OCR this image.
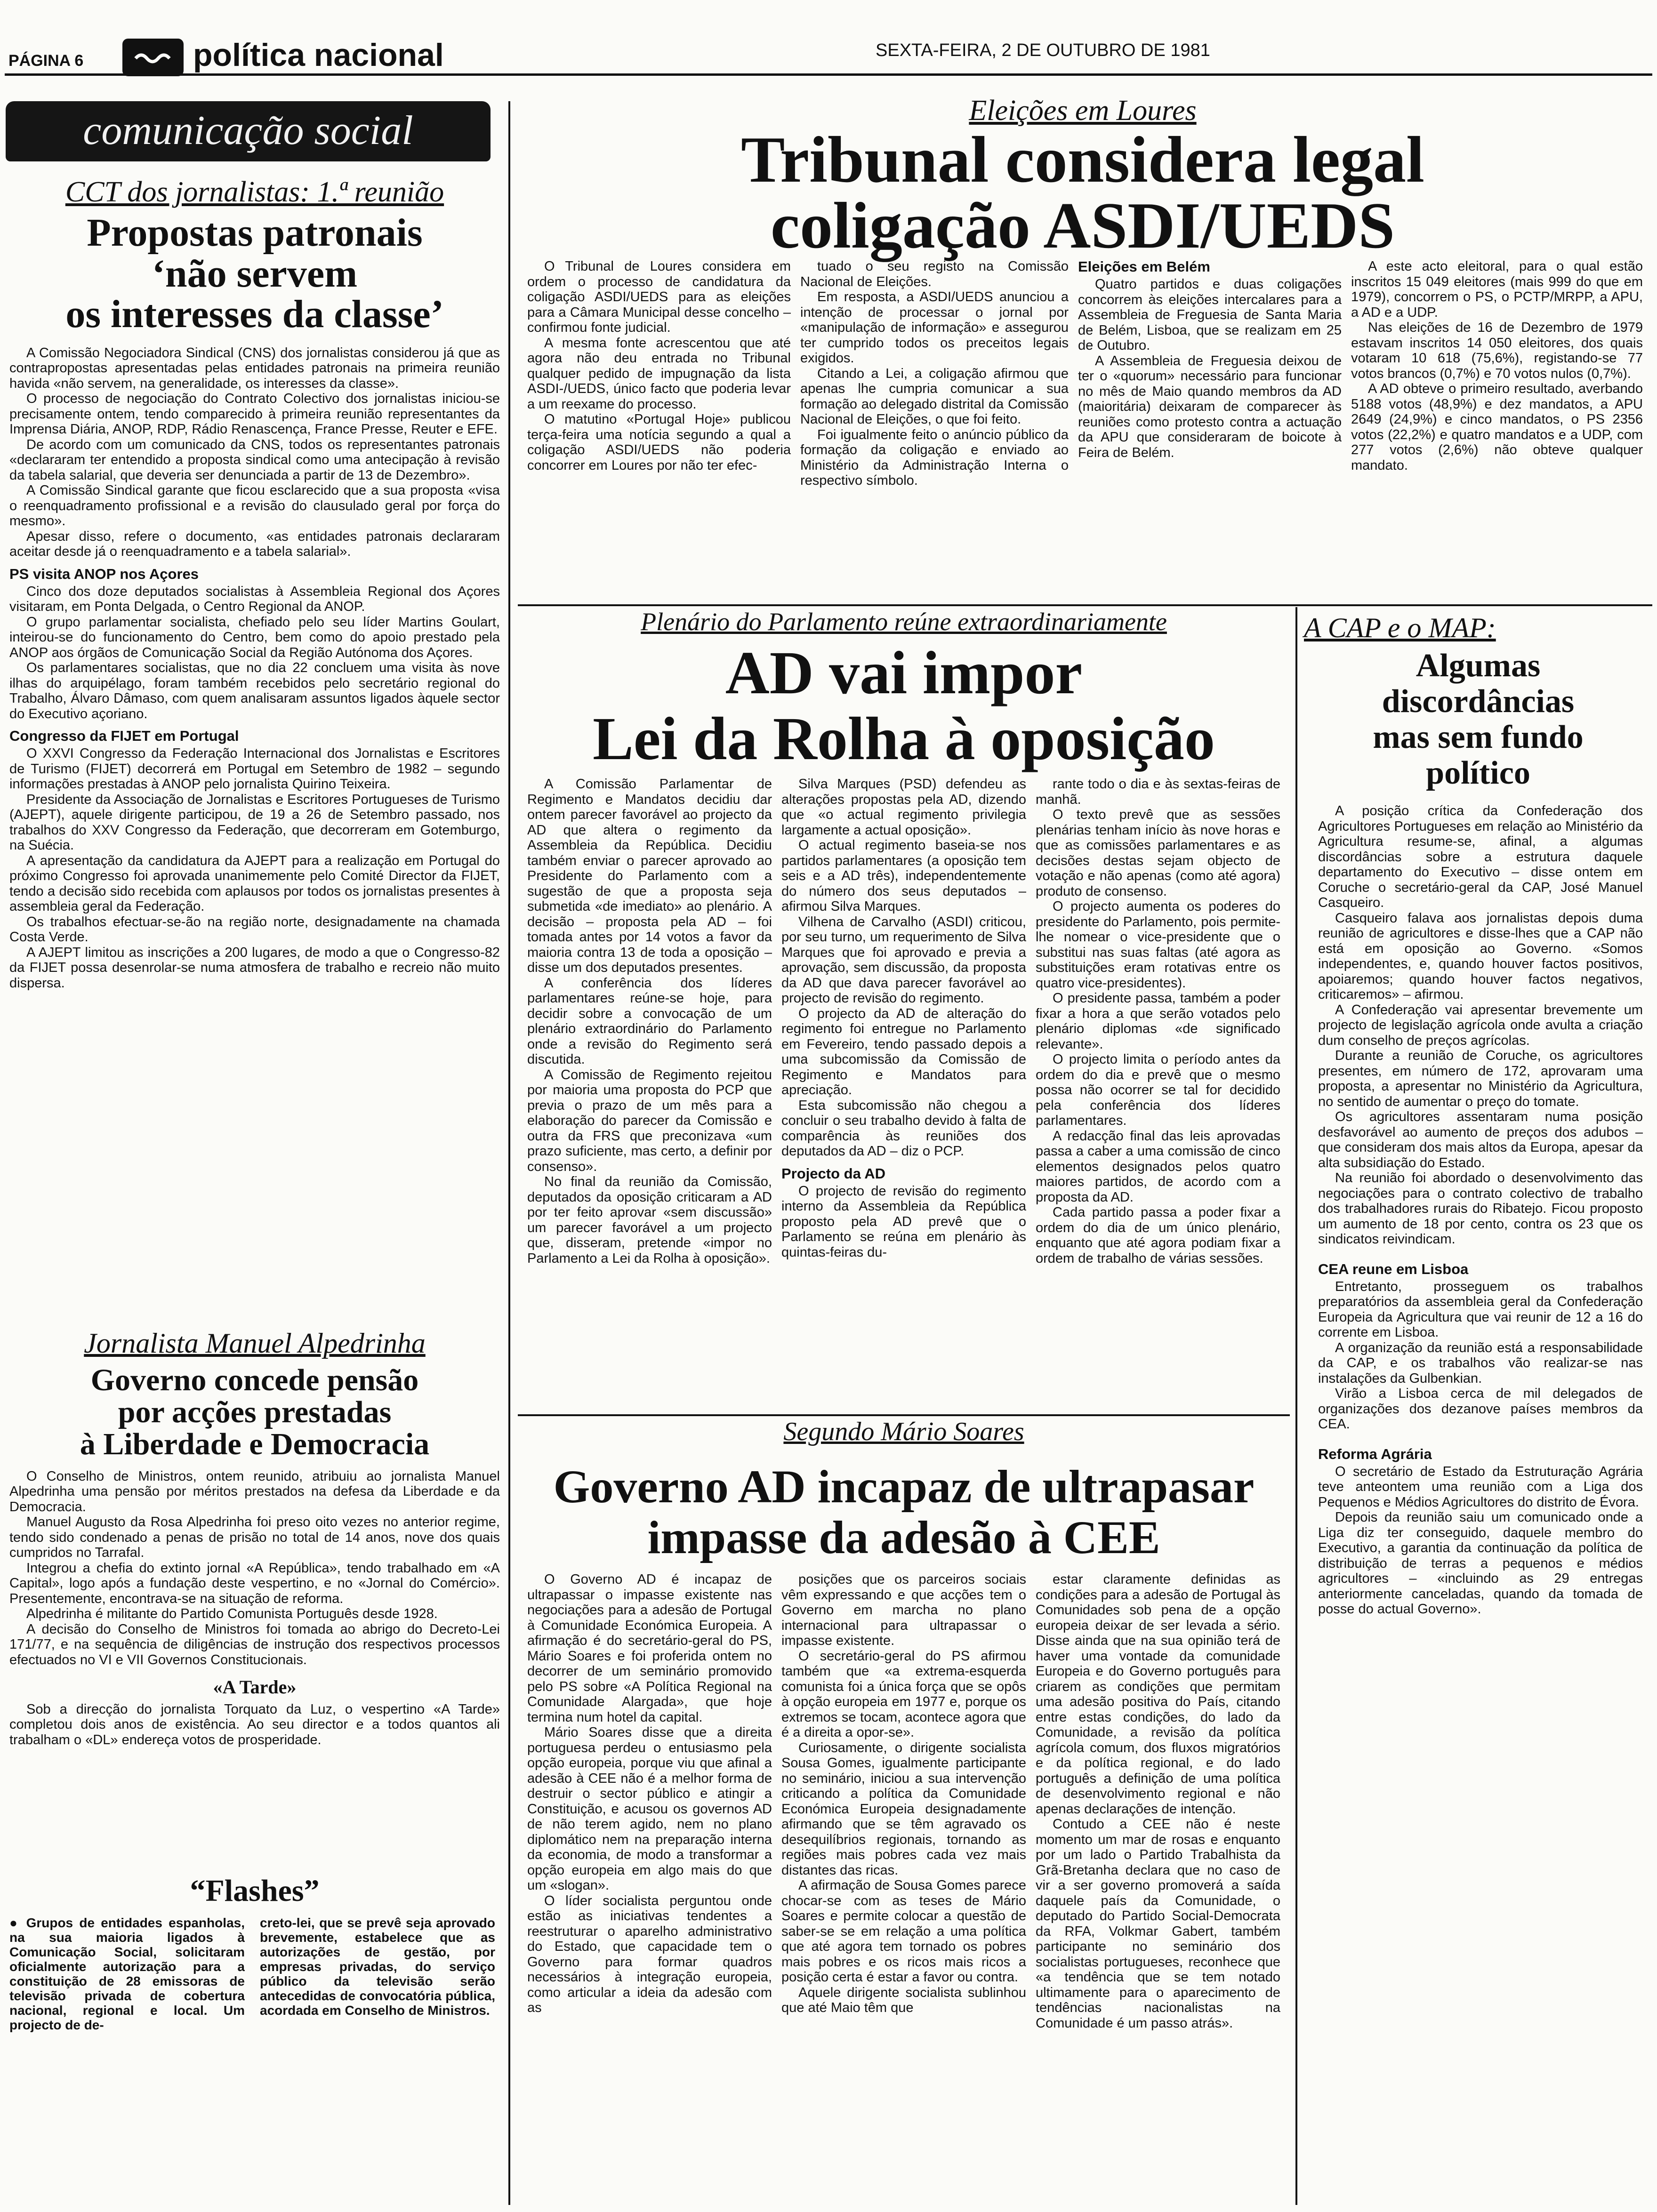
PÁGINA 6	política nacional	SEXTA-FEIRA, 2 DE OUTUBRO DE 1981
comunicação social
CCT dos jornalistas: 1.ª reunião
Propostas patronais
‘não servem
os interesses da classe’

A Comissão Negociadora Sindical (CNS) dos jornalistas considerou já que as contrapropostas apresentadas pelas entidades patronais na primeira reunião havida «não servem, na generalidade, os interesses da classe».

O processo de negociação do Contrato Colectivo dos jornalistas iniciou-se precisamente ontem, tendo comparecido à primeira reunião representantes da Imprensa Diária, ANOP, RDP, Rádio Renascença, France Presse, Reuter e EFE.

De acordo com um comunicado da CNS, todos os representantes patronais «declararam ter entendido a proposta sindical como uma antecipação à revisão da tabela salarial, que deveria ser denunciada a partir de 13 de Dezembro».

A Comissão Sindical garante que ficou esclarecido que a sua proposta «visa o reenquadramento profissional e a revisão do clausulado geral por força do mesmo».

Apesar disso, refere o documento, «as entidades patronais declararam aceitar desde já o reenquadramento e a tabela salarial».

PS visita ANOP nos Açores

Cinco dos doze deputados socialistas à Assembleia Regional dos Açores visitaram, em Ponta Delgada, o Centro Regional da ANOP.

O grupo parlamentar socialista, chefiado pelo seu líder Martins Goulart, inteirou-se do funcionamento do Centro, bem como do apoio prestado pela ANOP aos órgãos de Comunicação Social da Região Autónoma dos Açores.

Os parlamentares socialistas, que no dia 22 concluem uma visita às nove ilhas do arquipélago, foram também recebidos pelo secretário regional do Trabalho, Álvaro Dâmaso, com quem analisaram assuntos ligados àquele sector do Executivo açoriano.

Congresso da FIJET em Portugal

O XXVI Congresso da Federação Internacional dos Jornalistas e Escritores de Turismo (FIJET) decorrerá em Portugal em Setembro de 1982 – segundo informações prestadas à ANOP pelo jornalista Quirino Teixeira.

Presidente da Associação de Jornalistas e Escritores Portugueses de Turismo (AJEPT), aquele dirigente participou, de 19 a 26 de Setembro passado, nos trabalhos do XXV Congresso da Federação, que decorreram em Gotemburgo, na Suécia.

A apresentação da candidatura da AJEPT para a realização em Portugal do próximo Congresso foi aprovada unanimemente pelo Comité Director da FIJET, tendo a decisão sido recebida com aplausos por todos os jornalistas presentes à assembleia geral da Federação.

Os trabalhos efectuar-se-ão na região norte, designadamente na chamada Costa Verde.

A AJEPT limitou as inscrições a 200 lugares, de modo a que o Congresso-82 da FIJET possa desenrolar-se numa atmosfera de trabalho e recreio não muito dispersa.

Jornalista Manuel Alpedrinha
Governo concede pensão
por acções prestadas
à Liberdade e Democracia

O Conselho de Ministros, ontem reunido, atribuiu ao jornalista Manuel Alpedrinha uma pensão por méritos prestados na defesa da Liberdade e da Democracia.

Manuel Augusto da Rosa Alpedrinha foi preso oito vezes no anterior regime, tendo sido condenado a penas de prisão no total de 14 anos, nove dos quais cumpridos no Tarrafal.

Integrou a chefia do extinto jornal «A República», tendo trabalhado em «A Capital», logo após a fundação deste vespertino, e no «Jornal do Comércio». Presentemente, encontrava-se na situação de reforma.

Alpedrinha é militante do Partido Comunista Português desde 1928.

A decisão do Conselho de Ministros foi tomada ao abrigo do Decreto-Lei 171/77, e na sequência de diligências de instrução dos respectivos processos efectuados no VI e VII Governos Constitucionais.

«A Tarde»

Sob a direcção do jornalista Torquato da Luz, o vespertino «A Tarde» completou dois anos de existência. Ao seu director e a todos quantos ali trabalham o «DL» endereça votos de prosperidade.

“Flashes”
● Grupos de entidades espanholas, na sua maioria ligados à Comunicação Social, solicitaram oficialmente autorização para a constituição de 28 emissoras de televisão privada de cobertura nacional, regional e local. Um projecto de de-
creto-lei, que se prevê seja aprovado brevemente, estabelece que as autorizações de gestão, por empresas privadas, do serviço público da televisão serão antecedidas de convocatória pública, acordada em Conselho de Ministros.
Eleições em Loures
Tribunal considera legal
coligação ASDI/UEDS

O Tribunal de Loures considera em ordem o processo de candidatura da coligação ASDI/UEDS para as eleições para a Câmara Municipal desse concelho – confirmou fonte judicial.

A mesma fonte acrescentou que até agora não deu entrada no Tribunal qualquer pedido de impugnação da lista ASDI-/UEDS, único facto que poderia levar a um reexame do processo.

O matutino «Portugal Hoje» publicou terça-feira uma notícia segundo a qual a coligação ASDI/UEDS não poderia concorrer em Loures por não ter efec-

tuado o seu registo na Comissão Nacional de Eleições.

Em resposta, a ASDI/UEDS anunciou a intenção de processar o jornal por «manipulação de informação» e assegurou ter cumprido todos os preceitos legais exigidos.

Citando a Lei, a coligação afirmou que apenas lhe cumpria comunicar a sua formação ao delegado distrital da Comissão Nacional de Eleições, o que foi feito.

Foi igualmente feito o anúncio público da formação da coligação e enviado ao Ministério da Administração Interna o respectivo símbolo.

Eleições em Belém

Quatro partidos e duas coligações concorrem às eleições intercalares para a Assembleia de Freguesia de Santa Maria de Belém, Lisboa, que se realizam em 25 de Outubro.

A Assembleia de Freguesia deixou de ter o «quorum» necessário para funcionar no mês de Maio quando membros da AD (maioritária) deixaram de comparecer às reuniões como protesto contra a actuação da APU que consideraram de boicote à Feira de Belém.

A este acto eleitoral, para o qual estão inscritos 15 049 eleitores (mais 999 do que em 1979), concorrem o PS, o PCTP/MRPP, a APU, a AD e a UDP.

Nas eleições de 16 de Dezembro de 1979 estavam inscritos 14 050 eleitores, dos quais votaram 10 618 (75,6%), registando-se 77 votos brancos (0,7%) e 70 votos nulos (0,7%).

A AD obteve o primeiro resultado, averbando 5188 votos (48,9%) e dez mandatos, a APU 2649 (24,9%) e cinco mandatos, o PS 2356 votos (22,2%) e quatro mandatos e a UDP, com 277 votos (2,6%) não obteve qualquer mandato.

Plenário do Parlamento reúne extraordinariamente
AD vai impor
Lei da Rolha à oposição

A Comissão Parlamentar de Regimento e Mandatos decidiu dar ontem parecer favorável ao projecto da AD que altera o regimento da Assembleia da República. Decidiu também enviar o parecer aprovado ao Presidente do Parlamento com a sugestão de que a proposta seja submetida «de imediato» ao plenário. A decisão – proposta pela AD – foi tomada antes por 14 votos a favor da maioria contra 13 de toda a oposição – disse um dos deputados presentes.

A conferência dos líderes parlamentares reúne-se hoje, para decidir sobre a convocação de um plenário extraordinário do Parlamento onde a revisão do Regimento será discutida.

A Comissão de Regimento rejeitou por maioria uma proposta do PCP que previa o prazo de um mês para a elaboração do parecer da Comissão e outra da FRS que preconizava «um prazo suficiente, mas certo, a definir por consenso».

No final da reunião da Comissão, deputados da oposição criticaram a AD por ter feito aprovar «sem discussão» um parecer favorável a um projecto que, disseram, pretende «impor no Parlamento a Lei da Rolha à oposição».

Silva Marques (PSD) defendeu as alterações propostas pela AD, dizendo que «o actual regimento privilegia largamente a actual oposição».

O actual regimento baseia-se nos partidos parlamentares (a oposição tem seis e a AD três), independentemente do número dos seus deputados – afirmou Silva Marques.

Vilhena de Carvalho (ASDI) criticou, por seu turno, um requerimento de Silva Marques que foi aprovado e previa a aprovação, sem discussão, da proposta da AD que dava parecer favorável ao projecto de revisão do regimento.

O projecto da AD de alteração do regimento foi entregue no Parlamento em Fevereiro, tendo passado depois a uma subcomissão da Comissão de Regimento e Mandatos para apreciação.

Esta subcomissão não chegou a concluir o seu trabalho devido à falta de comparência às reuniões dos deputados da AD – diz o PCP.

Projecto da AD

O projecto de revisão do regimento interno da Assembleia da República proposto pela AD prevê que o Parlamento se reúna em plenário às quintas-feiras du-

rante todo o dia e às sextas-feiras de manhã.

O texto prevê que as sessões plenárias tenham início às nove horas e que as comissões parlamentares e as decisões destas sejam objecto de votação e não apenas (como até agora) produto de consenso.

O projecto aumenta os poderes do presidente do Parlamento, pois permite-lhe nomear o vice-presidente que o substitui nas suas faltas (até agora as substituições eram rotativas entre os quatro vice-presidentes).

O presidente passa, também a poder fixar a hora a que serão votados pelo plenário diplomas «de significado relevante».

O projecto limita o período antes da ordem do dia e prevê que o mesmo possa não ocorrer se tal for decidido pela conferência dos líderes parlamentares.

A redacção final das leis aprovadas passa a caber a uma comissão de cinco elementos designados pelos quatro maiores partidos, de acordo com a proposta da AD.

Cada partido passa a poder fixar a ordem do dia de um único plenário, enquanto que até agora podiam fixar a ordem de trabalho de várias sessões.

Segundo Mário Soares
Governo AD incapaz de ultrapasar
impasse da adesão à CEE

O Governo AD é incapaz de ultrapassar o impasse existente nas negociações para a adesão de Portugal à Comunidade Económica Europeia. A afirmação é do secretário-geral do PS, Mário Soares e foi proferida ontem no decorrer de um seminário promovido pelo PS sobre «A Política Regional na Comunidade Alargada», que hoje termina num hotel da capital.

Mário Soares disse que a direita portuguesa perdeu o entusiasmo pela opção europeia, porque viu que afinal a adesão à CEE não é a melhor forma de destruir o sector público e atingir a Constituição, e acusou os governos AD de não terem agido, nem no plano diplomático nem na preparação interna da economia, de modo a transformar a opção europeia em algo mais do que um «slogan».

O líder socialista perguntou onde estão as iniciativas tendentes a reestruturar o aparelho administrativo do Estado, que capacidade tem o Governo para formar quadros necessários à integração europeia, como articular a ideia da adesão com as

posições que os parceiros sociais vêm expressando e que acções tem o Governo em marcha no plano internacional para ultrapassar o impasse existente.

O secretário-geral do PS afirmou também que «a extrema-esquerda comunista foi a única força que se opôs à opção europeia em 1977 e, porque os extremos se tocam, acontece agora que é a direita a opor-se».

Curiosamente, o dirigente socialista Sousa Gomes, igualmente participante no seminário, iniciou a sua intervenção criticando a política da Comunidade Económica Europeia designadamente afirmando que se têm agravado os desequilíbrios regionais, tornando as regiões mais pobres cada vez mais distantes das ricas.

A afirmação de Sousa Gomes parece chocar-se com as teses de Mário Soares e permite colocar a questão de saber-se se em relação a uma política que até agora tem tornado os pobres mais pobres e os ricos mais ricos a posição certa é estar a favor ou contra.

Aquele dirigente socialista sublinhou que até Maio têm que

estar claramente definidas as condições para a adesão de Portugal às Comunidades sob pena de a opção europeia deixar de ser levada a sério. Disse ainda que na sua opinião terá de haver uma vontade da comunidade Europeia e do Governo português para criarem as condições que permitam uma adesão positiva do País, citando entre estas condições, do lado da Comunidade, a revisão da política agrícola comum, dos fluxos migratórios e da política regional, e do lado português a definição de uma política de desenvolvimento regional e não apenas declarações de intenção.

Contudo a CEE não é neste momento um mar de rosas e enquanto por um lado o Partido Trabalhista da Grã-Bretanha declara que no caso de vir a ser governo promoverá a saída daquele país da Comunidade, o deputado do Partido Social-Democrata da RFA, Volkmar Gabert, também participante no seminário dos socialistas portugueses, reconhece que «a tendência que se tem notado ultimamente para o aparecimento de tendências nacionalistas na Comunidade é um passo atrás».

A CAP e o MAP:
Algumas
discordâncias
mas sem fundo
político

A posição crítica da Confederação dos Agricultores Portugueses em relação ao Ministério da Agricultura resume-se, afinal, a algumas discordâncias sobre a estrutura daquele departamento do Executivo – disse ontem em Coruche o secretário-geral da CAP, José Manuel Casqueiro.

Casqueiro falava aos jornalistas depois duma reunião de agricultores e disse-lhes que a CAP não está em oposição ao Governo. «Somos independentes, e, quando houver factos positivos, apoiaremos; quando houver factos negativos, criticaremos» – afirmou.

A Confederação vai apresentar brevemente um projecto de legislação agrícola onde avulta a criação dum conselho de preços agrícolas.

Durante a reunião de Coruche, os agricultores presentes, em número de 172, aprovaram uma proposta, a apresentar no Ministério da Agricultura, no sentido de aumentar o preço do tomate.

Os agricultores assentaram numa posição desfavorável ao aumento de preços dos adubos – que consideram dos mais altos da Europa, apesar da alta subsidiação do Estado.

Na reunião foi abordado o desenvolvimento das negociações para o contrato colectivo de trabalho dos trabalhadores rurais do Ribatejo. Ficou proposto um aumento de 18 por cento, contra os 23 que os sindicatos reivindicam.

CEA reune em Lisboa

Entretanto, prosseguem os trabalhos preparatórios da assembleia geral da Confederação Europeia da Agricultura que vai reunir de 12 a 16 do corrente em Lisboa.

A organização da reunião está a responsabilidade da CAP, e os trabalhos vão realizar-se nas instalações da Gulbenkian.

Virão a Lisboa cerca de mil delegados de organizações dos dezanove países membros da CEA.

Reforma Agrária

O secretário de Estado da Estruturação Agrária teve anteontem uma reunião com a Liga dos Pequenos e Médios Agricultores do distrito de Évora.

Depois da reunião saiu um comunicado onde a Liga diz ter conseguido, daquele membro do Executivo, a garantia da continuação da política de distribuição de terras a pequenos e médios agricultores – «incluindo as 29 entregas anteriormente canceladas, quando da tomada de posse do actual Governo».
